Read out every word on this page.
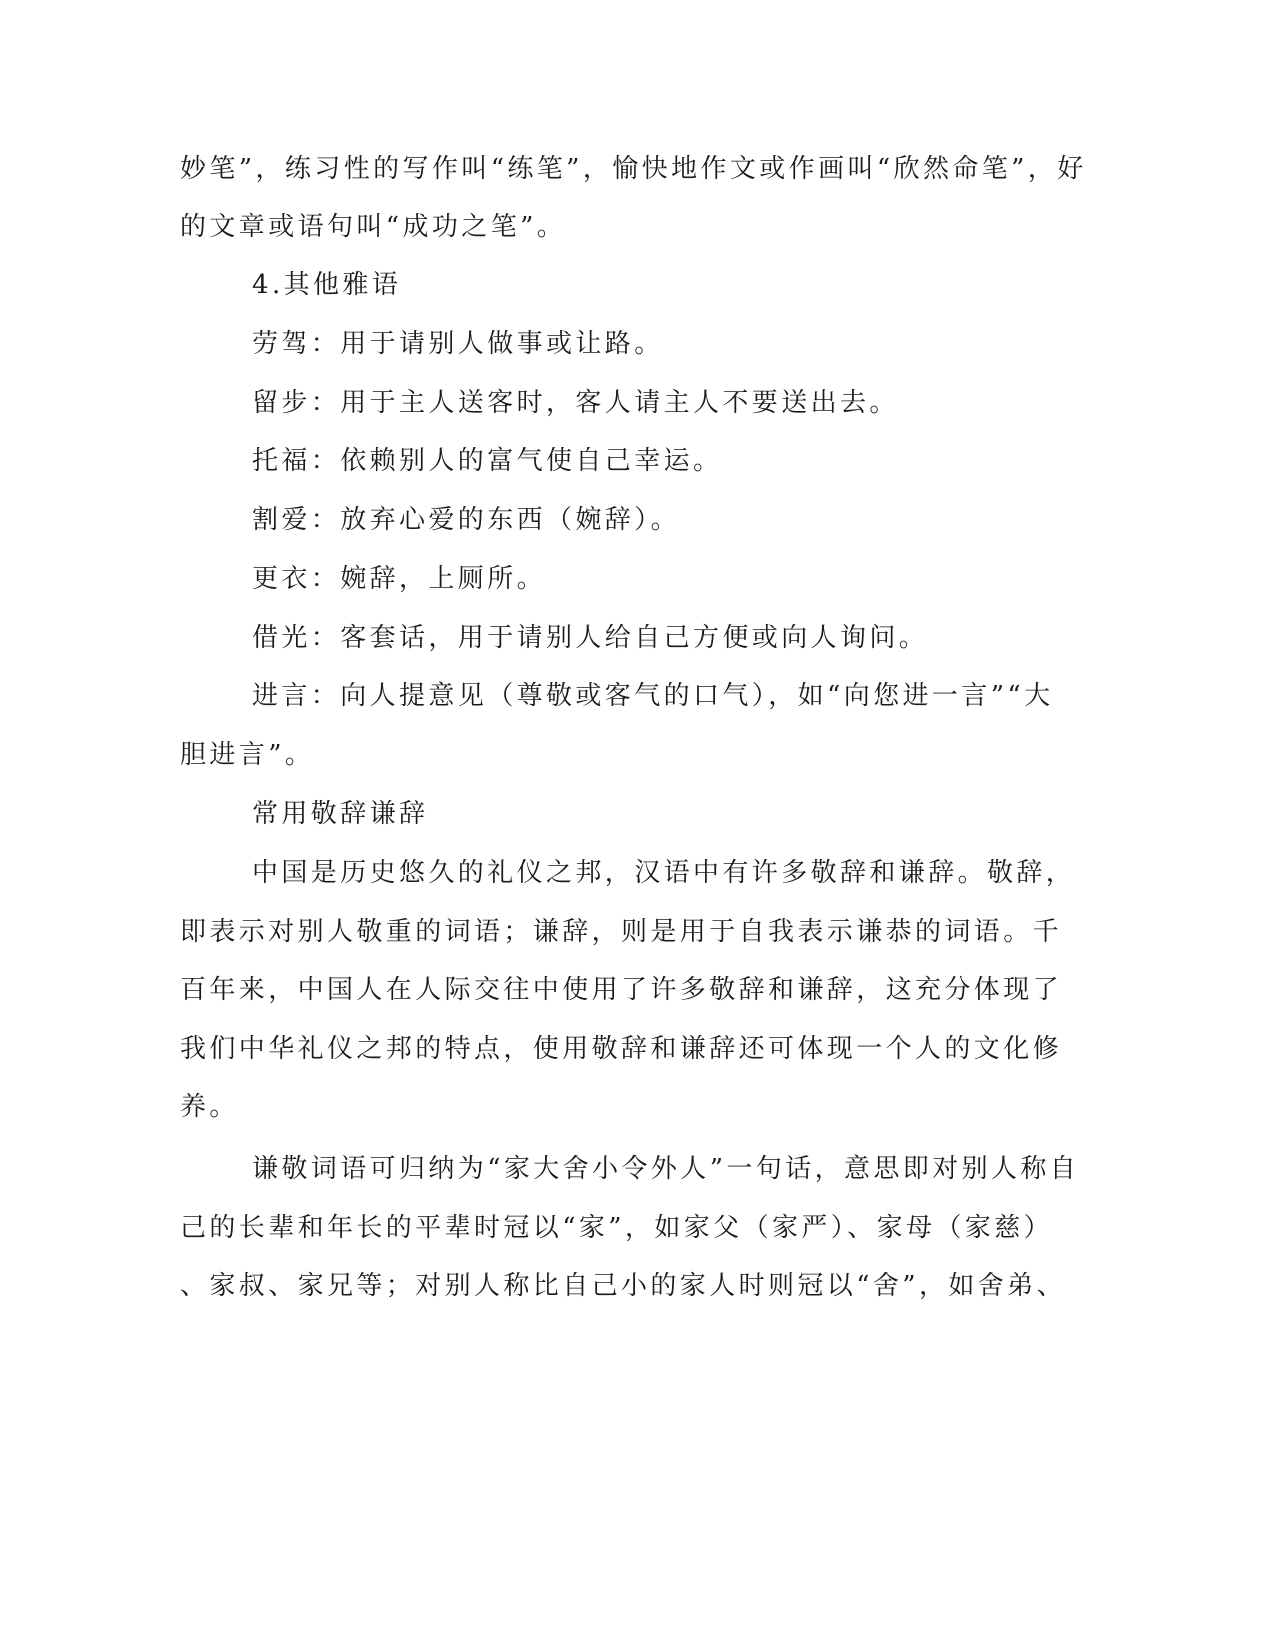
妙笔”，练习性的写作叫“练笔”，愉快地作文或作画叫“欣然命笔”，好
的文章或语句叫“成功之笔”。
4.其他雅语
劳驾：用于请别人做事或让路。
留步：用于主人送客时，客人请主人不要送出去。
托福：依赖别人的富气使自己幸运。
割爱：放弃心爱的东西（婉辞）。
更衣：婉辞，上厕所。
借光：客套话，用于请别人给自己方便或向人询问。
进言：向人提意见（尊敬或客气的口气），如“向您进一言”“大
胆进言”。
常用敬辞谦辞
中国是历史悠久的礼仪之邦，汉语中有许多敬辞和谦辞。敬辞，
即表示对别人敬重的词语；谦辞，则是用于自我表示谦恭的词语。千
百年来，中国人在人际交往中使用了许多敬辞和谦辞，这充分体现了
我们中华礼仪之邦的特点，使用敬辞和谦辞还可体现一个人的文化修
养。
谦敬词语可归纳为“家大舍小令外人”一句话，意思即对别人称自
己的长辈和年长的平辈时冠以“家”，如家父（家严）、家母（家慈）
、家叔、家兄等；对别人称比自己小的家人时则冠以“舍”，如舍弟、
